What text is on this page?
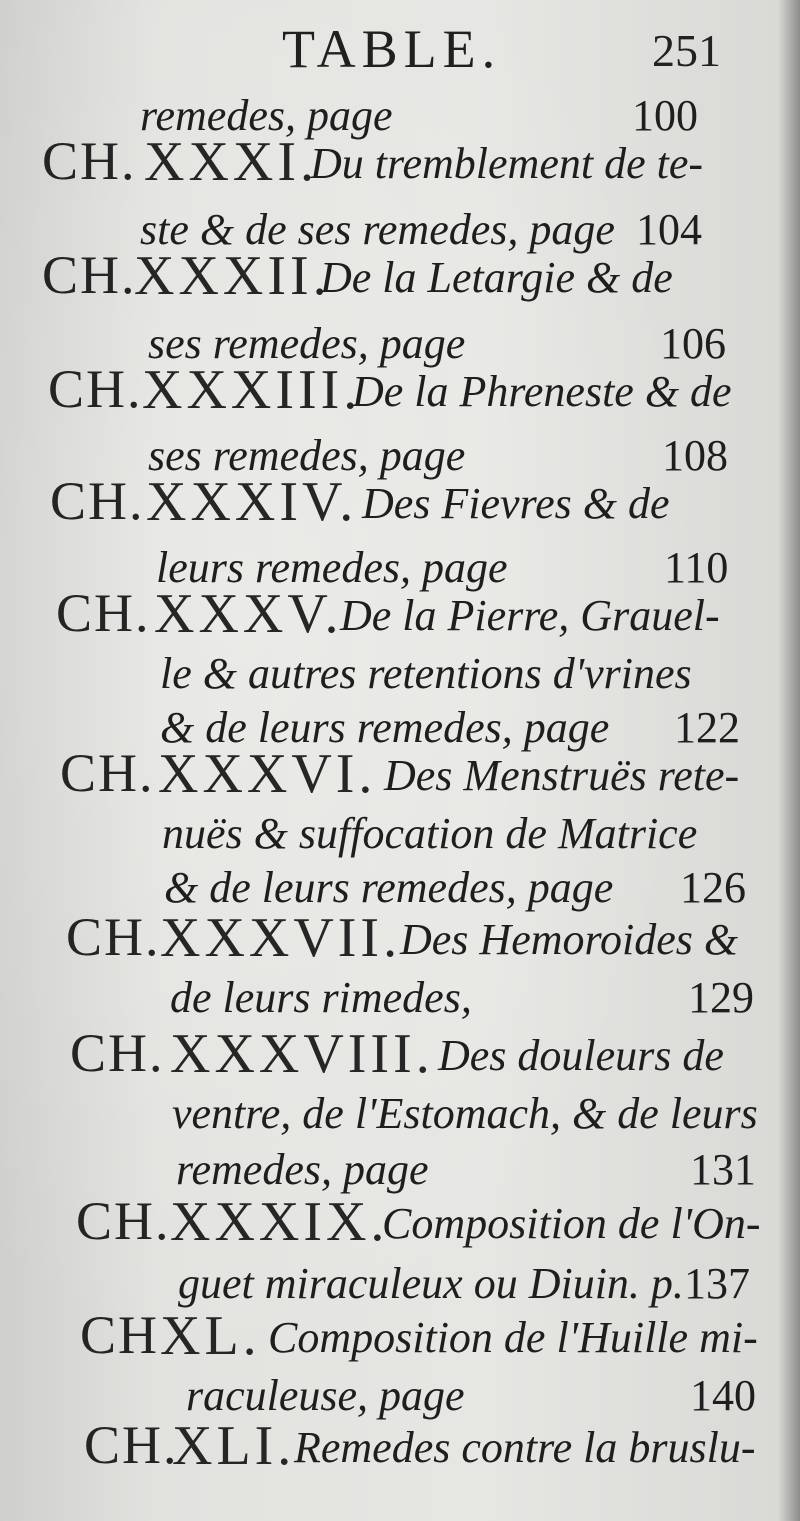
TABLE.	251
remedes, page	100
CH. XXXI.
Du tremblement de te-
ste & de ses remedes, page 104
CH.
XXXII.
De la Letargie & de
ses remedes, page	106
CH. XXXIII.
De la Phreneste & de
ses remedes, page	108
CH. XXXIV. Des Fievres & de
leurs remedes, page	110
CH. XXXV.
De la Pierre, Grauel-
le & autres retentions d'vrines
& de leurs remedes, page 122
CH. XXXVI. Des Menstruës rete-
nuës & suffocation de Matrice
& de leurs remedes, page 126
CH. XXXVII.
Des Hemoroides &
de leurs rimedes,	129
CH. XXXVIII. Des douleurs de
ventre, de l'Estomach, & de leurs
remedes, page	131
CH. XXXIX.
Composition de l'On-
guet miraculeux ou Diuin. p. 137
CH XL. Composition de l'Huille mi-
raculeuse, page	140
CH.
XLI.
Remedes contre la bruslu-
